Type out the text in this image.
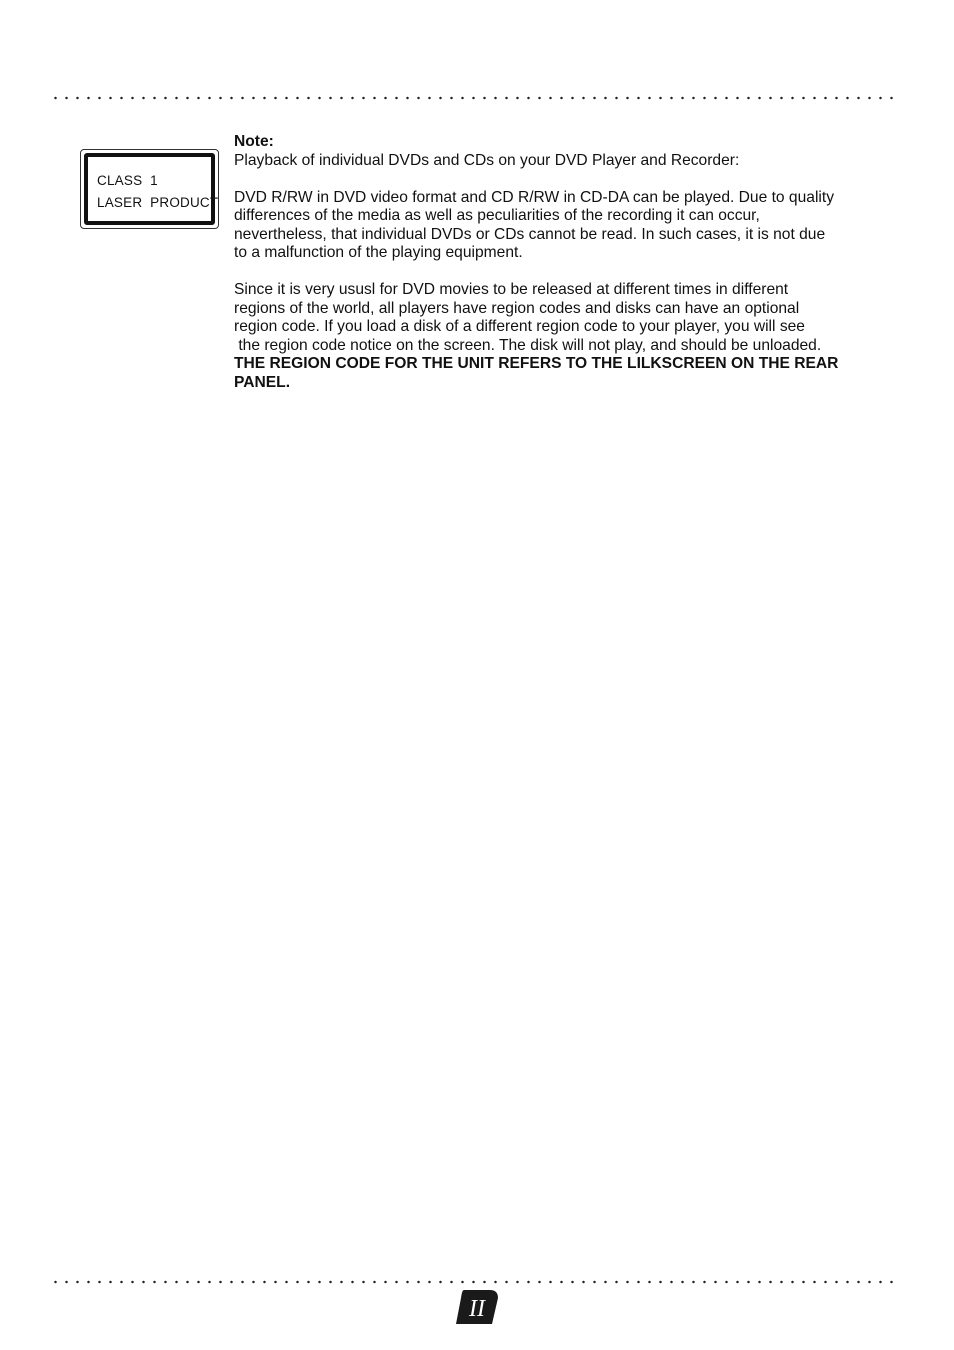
CLASS  1
LASER  PRODUCT

Note:

Playback of individual DVDs and CDs on your DVD Player and Recorder:

DVD R/RW in DVD video format and CD R/RW in CD-DA can be played. Due to quality
differences of the media as well as peculiarities of the recording it can occur,
nevertheless, that individual DVDs or CDs cannot be read. In such cases, it is not due
to a malfunction of the playing equipment.

Since it is very ususl for DVD movies to be released at different times in different
regions of the world, all players have region codes and disks can have an optional
region code. If you load a disk of a different region code to your player, you will see
the region code notice on the screen. The disk will not play, and should be unloaded.
THE REGION CODE FOR THE UNIT REFERS TO THE LILKSCREEN ON THE REAR
PANEL.

II
